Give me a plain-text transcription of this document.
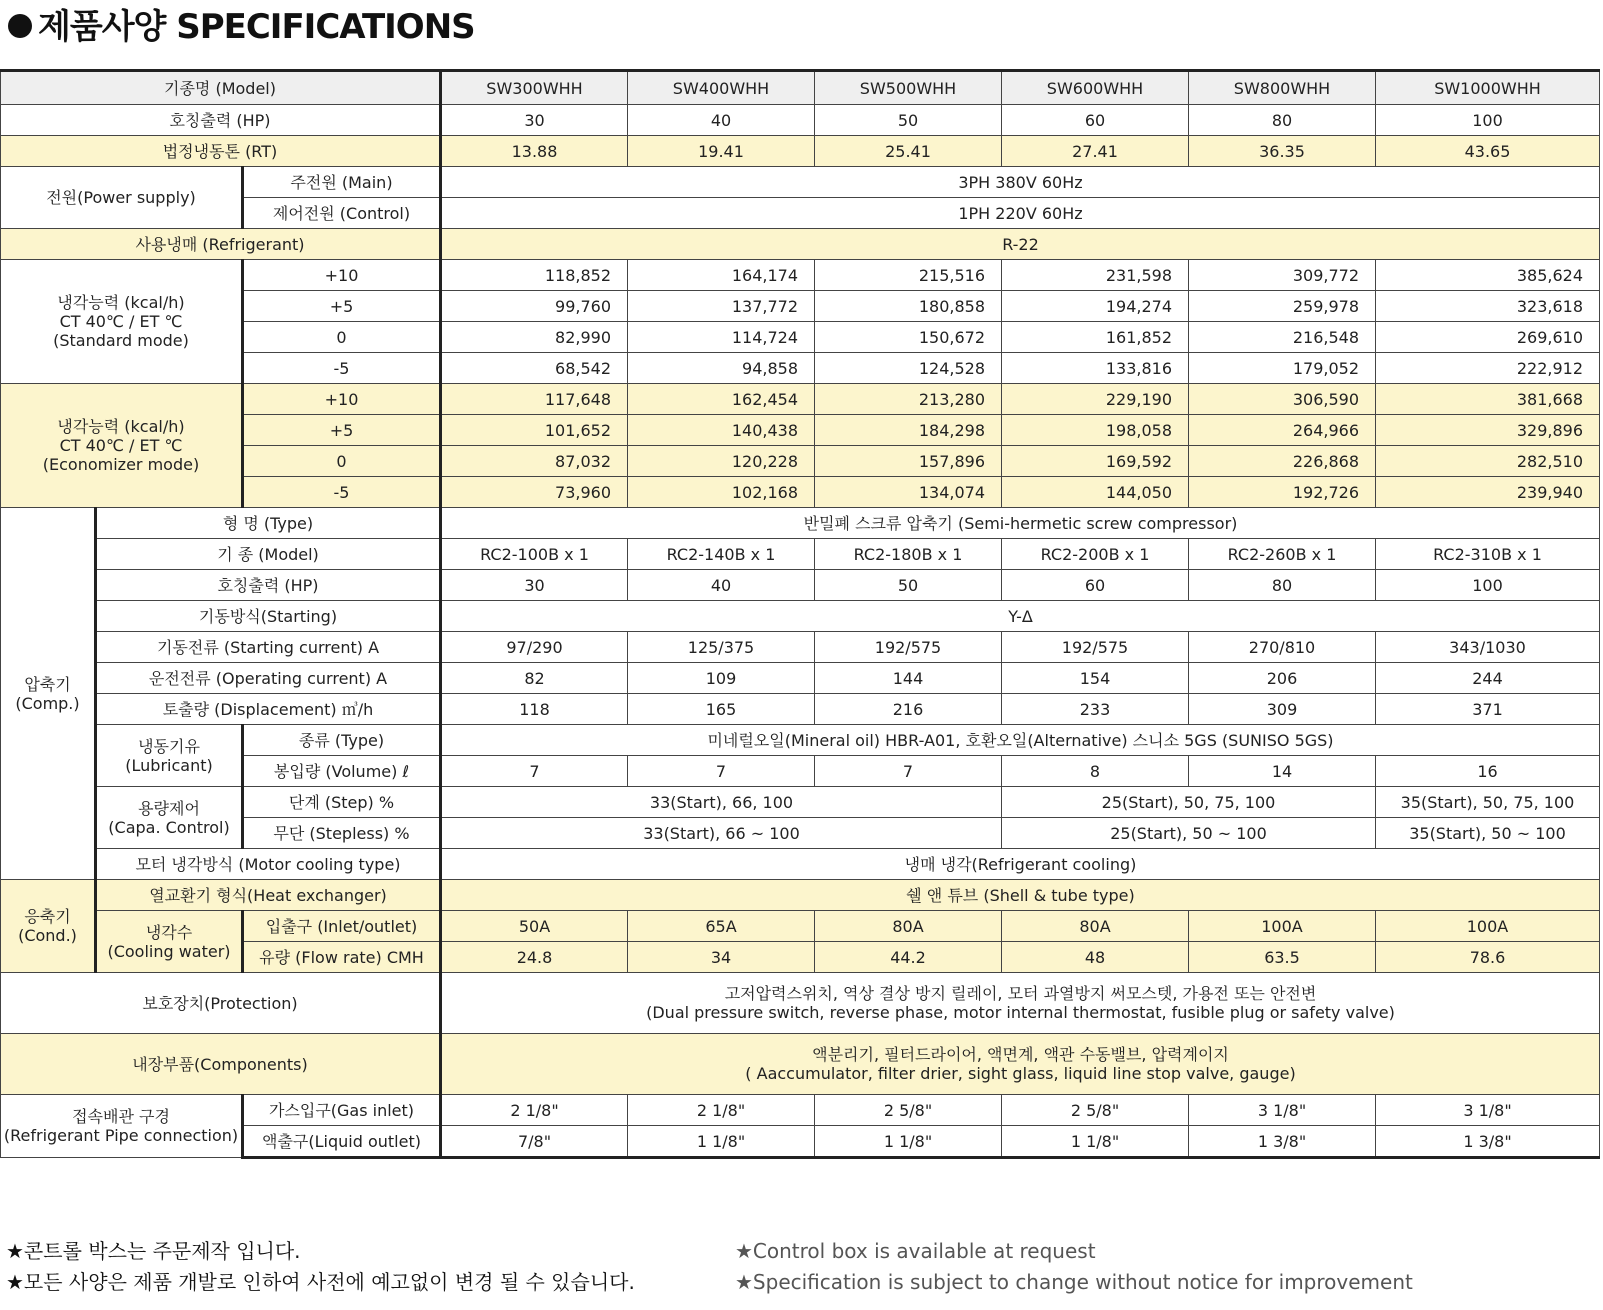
제품사양 SPECIFICATIONS
기종명 (Model)			SW300WHH	SW400WHH	SW500WHH	SW600WHH	SW800WHH	SW1000WHH
호칭출력 (HP)			30	40	50	60	80	100
법정냉동톤 (RT)			13.88	19.41	25.41	27.41	36.35	43.65
전원(Power supply)		주전원 (Main)	3PH 380V 60Hz					
		제어전원 (Control)	1PH 220V 60Hz					
사용냉매 (Refrigerant)			R-22					

냉각능력 (kcal/h)
CT 40℃ / ET ℃
(Standard mode)		+10	118,852	164,174	215,516	231,598	309,772	385,624
		+5	99,760	137,772	180,858	194,274	259,978	323,618
		0	82,990	114,724	150,672	161,852	216,548	269,610
		-5	68,542	94,858	124,528	133,816	179,052	222,912

냉각능력 (kcal/h)
CT 40℃ / ET ℃
(Economizer mode)		+10	117,648	162,454	213,280	229,190	306,590	381,668
		+5	101,652	140,438	184,298	198,058	264,966	329,896
		0	87,032	120,228	157,896	169,592	226,868	282,510
		-5	73,960	102,168	134,074	144,050	192,726	239,940

압축기
(Comp.)	형 명 (Type)		반밀폐 스크류 압축기 (Semi-hermetic screw compressor)					
	기 종 (Model)		RC2-100B x 1	RC2-140B x 1	RC2-180B x 1	RC2-200B x 1	RC2-260B x 1	RC2-310B x 1
	호칭출력 (HP)		30	40	50	60	80	100
	기동방식(Starting)		Y-Δ					
	기동전류 (Starting current) A		97/290	125/375	192/575	192/575	270/810	343/1030
	운전전류 (Operating current) A		82	109	144	154	206	244
	토출량 (Displacement) ㎥/h		118	165	216	233	309	371

	냉동기유
(Lubricant)	종류 (Type)	미네럴오일(Mineral oil) HBR-A01, 호환오일(Alternative) 스니소 5GS (SUNISO 5GS)					
		봉입량 (Volume) ℓ	7	7	7	8	14	16

	용량제어
(Capa. Control)	단계 (Step) %	33(Start), 66, 100			25(Start), 50, 75, 100		35(Start), 50, 75, 100
		무단 (Stepless) %	33(Start), 66 ~ 100			25(Start), 50 ~ 100		35(Start), 50 ~ 100
	모터 냉각방식 (Motor cooling type)		냉매 냉각(Refrigerant cooling)					

응축기
(Cond.)	열교환기 형식(Heat exchanger)		쉘 앤 튜브 (Shell & tube type)					

	냉각수
(Cooling water)	입출구 (Inlet/outlet)	50A	65A	80A	80A	100A	100A
		유량 (Flow rate) CMH	24.8	34	44.2	48	63.5	78.6
보호장치(Protection)			고저압력스위치, 역상 결상 방지 릴레이, 모터 과열방지 써모스텟, 가용전 또는 안전변
(Dual pressure switch, reverse phase, motor internal thermostat, fusible plug or safety valve)					

내장부품(Components)			액분리기, 필터드라이어, 액면계, 액관 수동밸브, 압력계이지
( Aaccumulator, filter drier, sight glass, liquid line stop valve, gauge)					

접속배관 구경
(Refrigerant Pipe connection)		가스입구(Gas inlet)	2 1/8"	2 1/8"	2 5/8"	2 5/8"	3 1/8"	3 1/8"
		액출구(Liquid outlet)	7/8"	1 1/8"	1 1/8"	1 1/8"	1 3/8"	1 3/8"
★콘트롤 박스는 주문제작 입니다.
★모든 사양은 제품 개발로 인하여 사전에 예고없이 변경 될 수 있습니다.
★Control box is available at request
★Specification is subject to change without notice for improvement
